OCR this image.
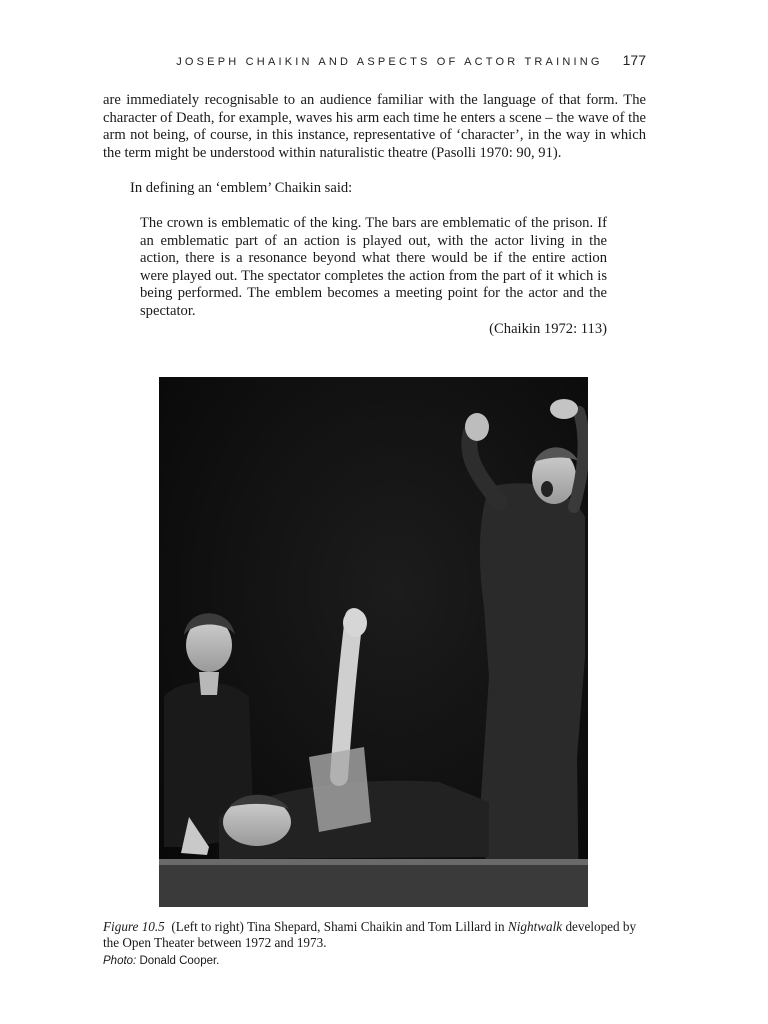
JOSEPH CHAIKIN AND ASPECTS OF ACTOR TRAINING 177

are immediately recognisable to an audience familiar with the language of that form. The character of Death, for example, waves his arm each time he enters a scene – the wave of the arm not being, of course, in this instance, representative of ‘character’, in the way in which the term might be understood within naturalistic theatre (Pasolli 1970: 90, 91).

In defining an ‘emblem’ Chaikin said:

The crown is emblematic of the king. The bars are emblematic of the prison. If an emblematic part of an action is played out, with the actor living in the action, there is a resonance beyond what there would be if the entire action were played out. The spectator completes the action from the part of it which is being performed. The emblem becomes a meeting point for the actor and the spectator.

(Chaikin 1972: 113)

Figure 10.5 (Left to right) Tina Shepard, Shami Chaikin and Tom Lillard in Nightwalk developed by the Open Theater between 1972 and 1973.

Photo: Donald Cooper.
